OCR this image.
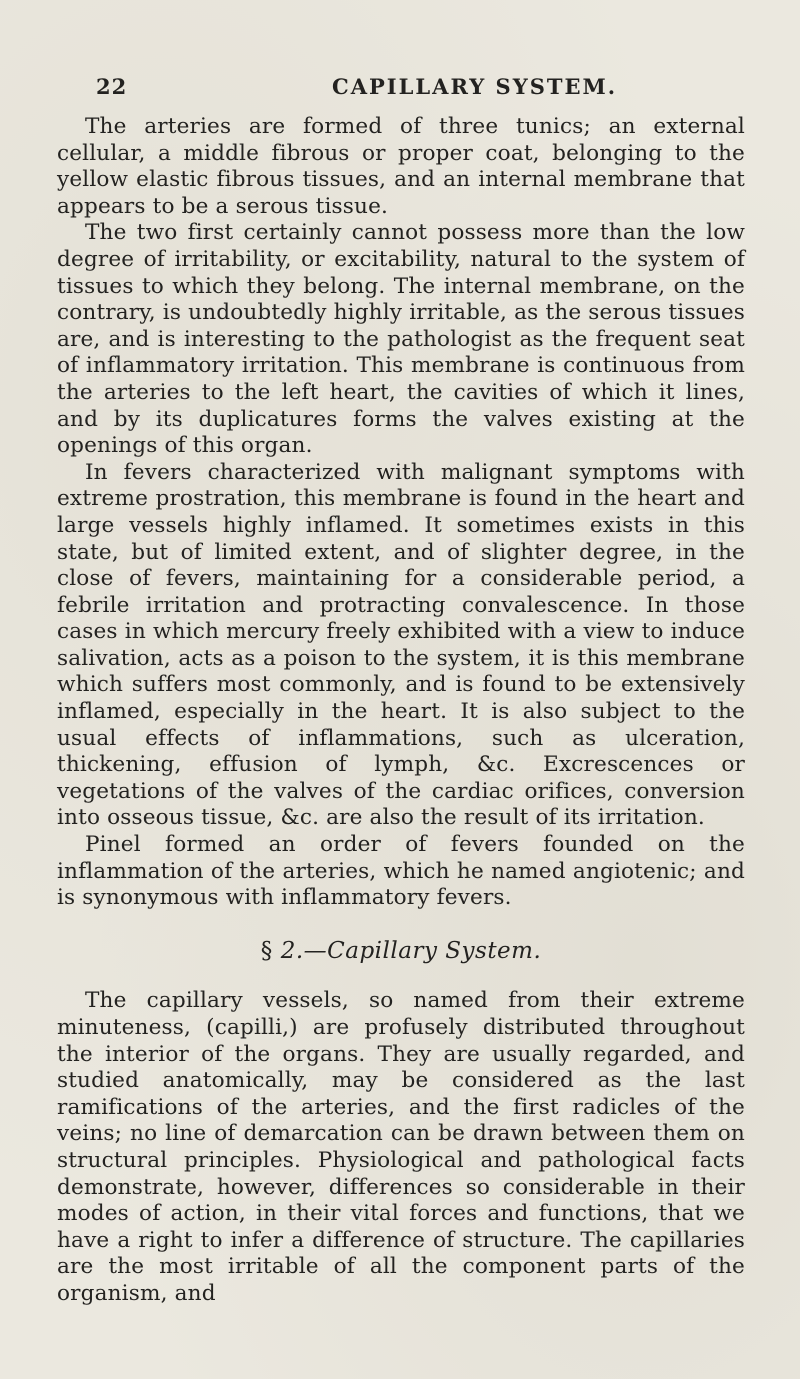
22	CAPILLARY SYSTEM.

The arteries are formed of three tunics; an external cellular, a middle fibrous or proper coat, belonging to the yellow elastic fibrous tissues, and an internal membrane that appears to be a serous tissue.

The two first certainly cannot possess more than the low degree of irritability, or excitability, natural to the system of tissues to which they belong. The internal membrane, on the contrary, is undoubtedly highly irritable, as the serous tissues are, and is interesting to the pathologist as the frequent seat of inflammatory irritation. This membrane is continuous from the arteries to the left heart, the cavities of which it lines, and by its duplicatures forms the valves existing at the openings of this organ.

In fevers characterized with malignant symptoms with extreme prostration, this membrane is found in the heart and large vessels highly inflamed. It sometimes exists in this state, but of limited extent, and of slighter degree, in the close of fevers, maintaining for a considerable period, a febrile irritation and protracting convalescence. In those cases in which mercury freely exhibited with a view to induce salivation, acts as a poison to the system, it is this membrane which suffers most commonly, and is found to be extensively inflamed, especially in the heart. It is also subject to the usual effects of inflammations, such as ulceration, thickening, effusion of lymph, &c. Excrescences or vegetations of the valves of the cardiac orifices, conversion into osseous tissue, &c. are also the result of its irritation.

Pinel formed an order of fevers founded on the inflammation of the arteries, which he named angiotenic; and is synonymous with inflammatory fevers.

§ 2.—Capillary System.

The capillary vessels, so named from their extreme minuteness, (capilli,) are profusely distributed throughout the interior of the organs. They are usually regarded, and studied anatomically, may be considered as the last ramifications of the arteries, and the first radicles of the veins; no line of demarcation can be drawn between them on structural principles. Physiological and pathological facts demonstrate, however, differences so considerable in their modes of action, in their vital forces and functions, that we have a right to infer a difference of structure. The capillaries are the most irritable of all the component parts of the organism, and
